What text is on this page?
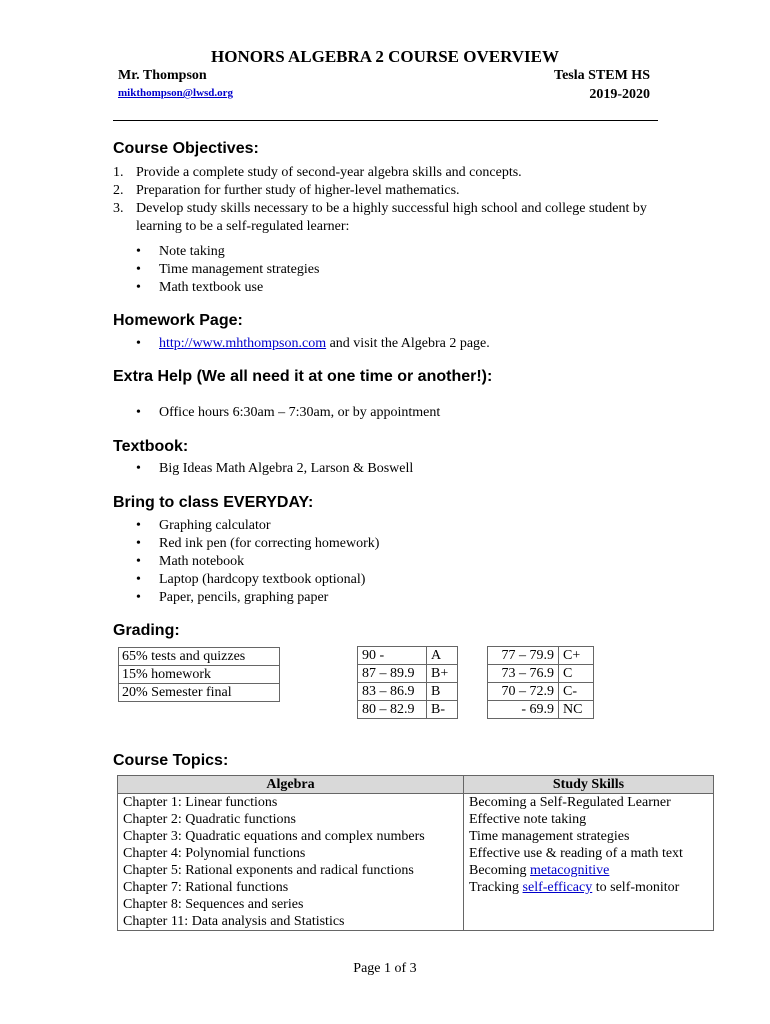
HONORS ALGEBRA 2 COURSE OVERVIEW
Mr. Thompson
mikthompson@lwsd.org
Tesla STEM HS
2019-2020
Course Objectives:
1. Provide a complete study of second-year algebra skills and concepts.
2. Preparation for further study of higher-level mathematics.
3. Develop study skills necessary to be a highly successful high school and college student by learning to be a self-regulated learner:
• Note taking
• Time management strategies
• Math textbook use
Homework Page:
• http://www.mhthompson.com and visit the Algebra 2 page.
Extra Help (We all need it at one time or another!):
• Office hours 6:30am – 7:30am, or by appointment
Textbook:
• Big Ideas Math Algebra 2, Larson & Boswell
Bring to class EVERYDAY:
• Graphing calculator
• Red ink pen (for correcting homework)
• Math notebook
• Laptop (hardcopy textbook optional)
• Paper, pencils, graphing paper
Grading:
65% tests and quizzes
15% homework
20% Semester final
90 -	A
87 – 89.9	B+
83 – 86.9	B
80 – 82.9	B-
77 – 79.9	C+
73 – 76.9	C
70 – 72.9	C-
- 69.9	NC
Course Topics:
Algebra	Study Skills
Chapter 1: Linear functions	Becoming a Self-Regulated Learner
Chapter 2: Quadratic functions	Effective note taking
Chapter 3: Quadratic equations and complex numbers	Time management strategies
Chapter 4: Polynomial functions	Effective use & reading of a math text
Chapter 5: Rational exponents and radical functions	Becoming metacognitive
Chapter 7: Rational functions	Tracking self-efficacy to self-monitor
Chapter 8: Sequences and series	
Chapter 11: Data analysis and Statistics	
Page 1 of 3
